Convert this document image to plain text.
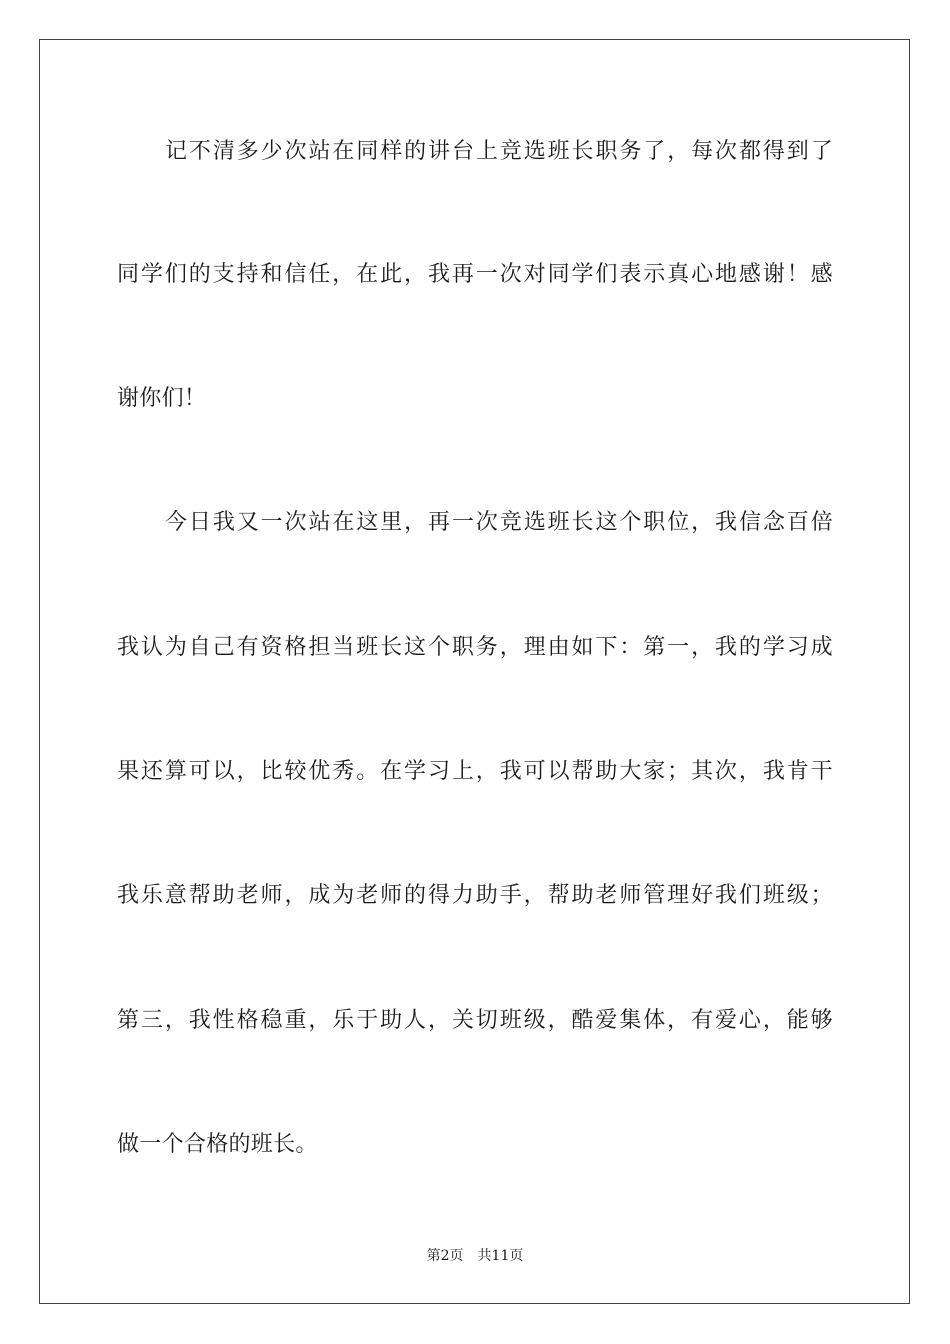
记不清多少次站在同样的讲台上竞选班长职务了，每次都得到了
同学们的支持和信任，在此，我再一次对同学们表示真心地感谢！感
谢你们！
今日我又一次站在这里，再一次竞选班长这个职位，我信念百倍
我认为自己有资格担当班长这个职务，理由如下：第一，我的学习成
果还算可以，比较优秀。在学习上，我可以帮助大家；其次，我肯干
我乐意帮助老师，成为老师的得力助手，帮助老师管理好我们班级；
第三，我性格稳重，乐于助人，关切班级，酷爱集体，有爱心，能够
做一个合格的班长。
第2页 共11页
